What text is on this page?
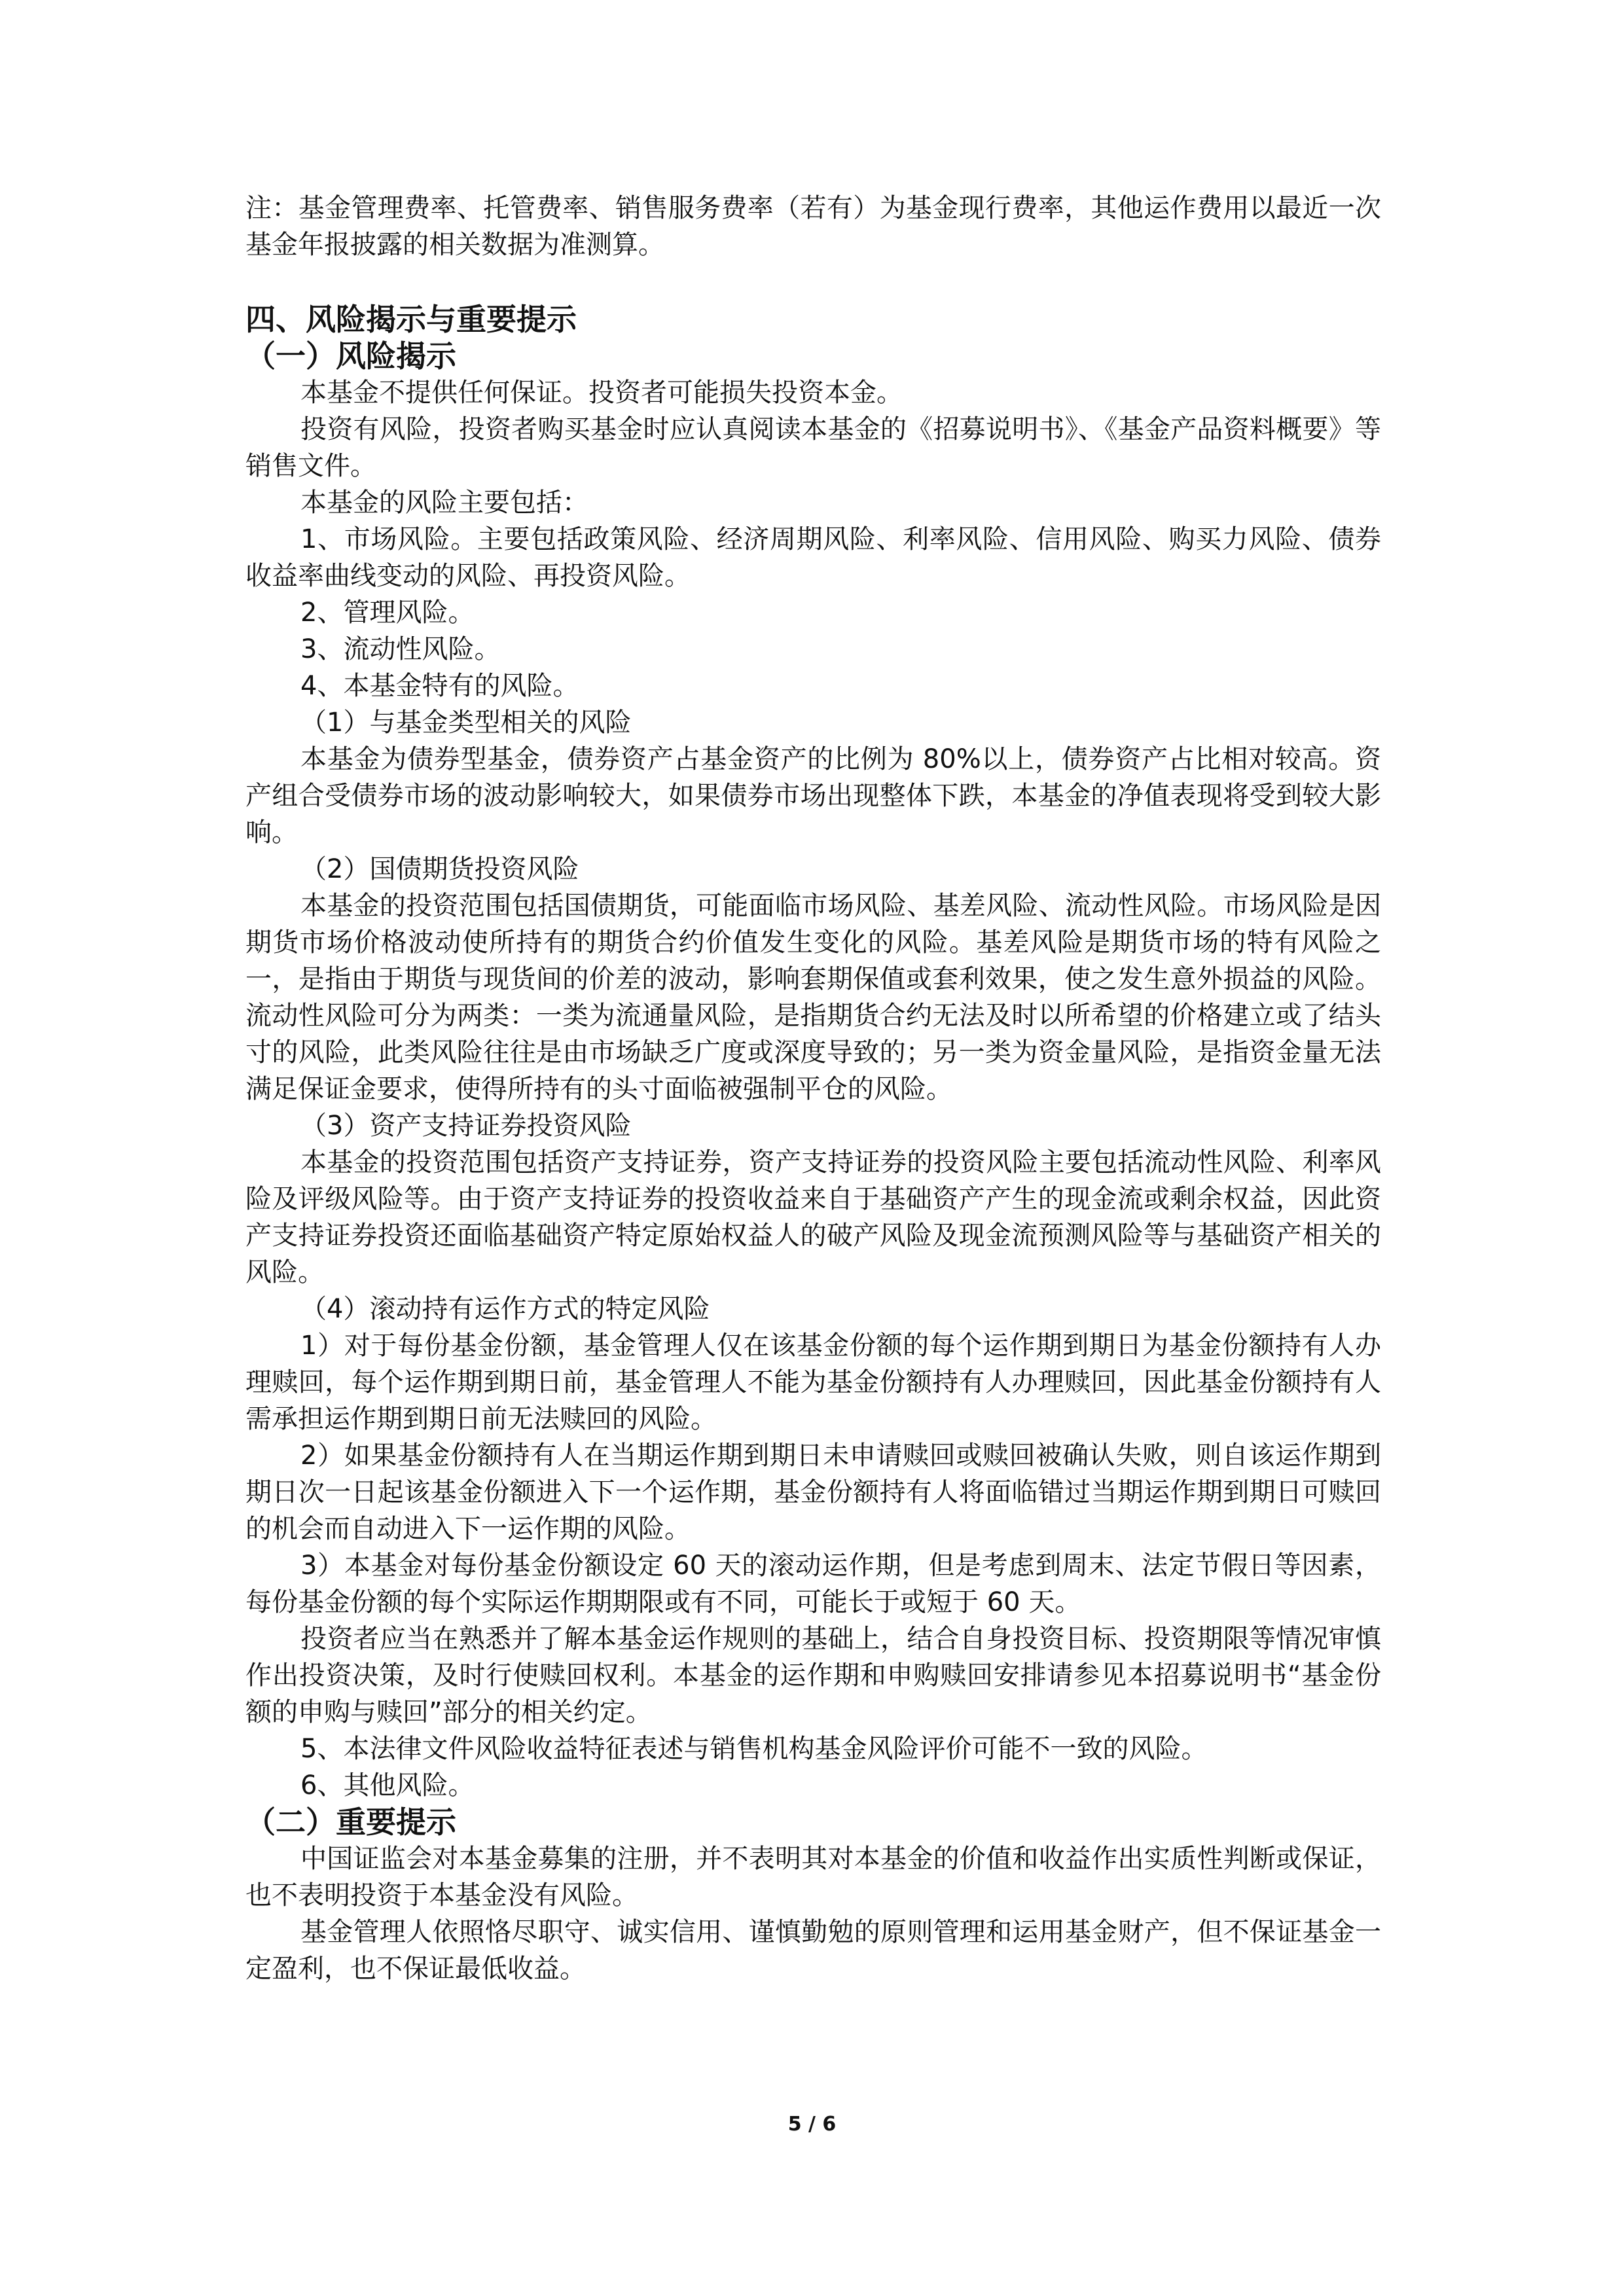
注：基金管理费率、托管费率、销售服务费率（若有）为基金现行费率，其他运作费用以最近一次基金年报披露的相关数据为准测算。

四、风险揭示与重要提示
（一）风险揭示

本基金不提供任何保证。投资者可能损失投资本金。

投资有风险，投资者购买基金时应认真阅读本基金的《招募说明书》、《基金产品资料概要》等销售文件。

本基金的风险主要包括：

1、市场风险。主要包括政策风险、经济周期风险、利率风险、信用风险、购买力风险、债券收益率曲线变动的风险、再投资风险。

2、管理风险。

3、流动性风险。

4、本基金特有的风险。

（1）与基金类型相关的风险

本基金为债券型基金，债券资产占基金资产的比例为 80%以上，债券资产占比相对较高。资产组合受债券市场的波动影响较大，如果债券市场出现整体下跌，本基金的净值表现将受到较大影响。

（2）国债期货投资风险

本基金的投资范围包括国债期货，可能面临市场风险、基差风险、流动性风险。市场风险是因期货市场价格波动使所持有的期货合约价值发生变化的风险。基差风险是期货市场的特有风险之一，是指由于期货与现货间的价差的波动，影响套期保值或套利效果，使之发生意外损益的风险。流动性风险可分为两类：一类为流通量风险，是指期货合约无法及时以所希望的价格建立或了结头寸的风险，此类风险往往是由市场缺乏广度或深度导致的；另一类为资金量风险，是指资金量无法满足保证金要求，使得所持有的头寸面临被强制平仓的风险。

（3）资产支持证券投资风险

本基金的投资范围包括资产支持证券，资产支持证券的投资风险主要包括流动性风险、利率风险及评级风险等。由于资产支持证券的投资收益来自于基础资产产生的现金流或剩余权益，因此资产支持证券投资还面临基础资产特定原始权益人的破产风险及现金流预测风险等与基础资产相关的风险。

（4）滚动持有运作方式的特定风险

1）对于每份基金份额，基金管理人仅在该基金份额的每个运作期到期日为基金份额持有人办理赎回，每个运作期到期日前，基金管理人不能为基金份额持有人办理赎回，因此基金份额持有人需承担运作期到期日前无法赎回的风险。

2）如果基金份额持有人在当期运作期到期日未申请赎回或赎回被确认失败，则自该运作期到期日次一日起该基金份额进入下一个运作期，基金份额持有人将面临错过当期运作期到期日可赎回的机会而自动进入下一运作期的风险。

3）本基金对每份基金份额设定 60 天的滚动运作期，但是考虑到周末、法定节假日等因素，每份基金份额的每个实际运作期期限或有不同，可能长于或短于 60 天。

投资者应当在熟悉并了解本基金运作规则的基础上，结合自身投资目标、投资期限等情况审慎作出投资决策，及时行使赎回权利。本基金的运作期和申购赎回安排请参见本招募说明书“基金份额的申购与赎回”部分的相关约定。

5、本法律文件风险收益特征表述与销售机构基金风险评价可能不一致的风险。

6、其他风险。

（二）重要提示

中国证监会对本基金募集的注册，并不表明其对本基金的价值和收益作出实质性判断或保证，也不表明投资于本基金没有风险。

基金管理人依照恪尽职守、诚实信用、谨慎勤勉的原则管理和运用基金财产，但不保证基金一定盈利，也不保证最低收益。

5 / 6
